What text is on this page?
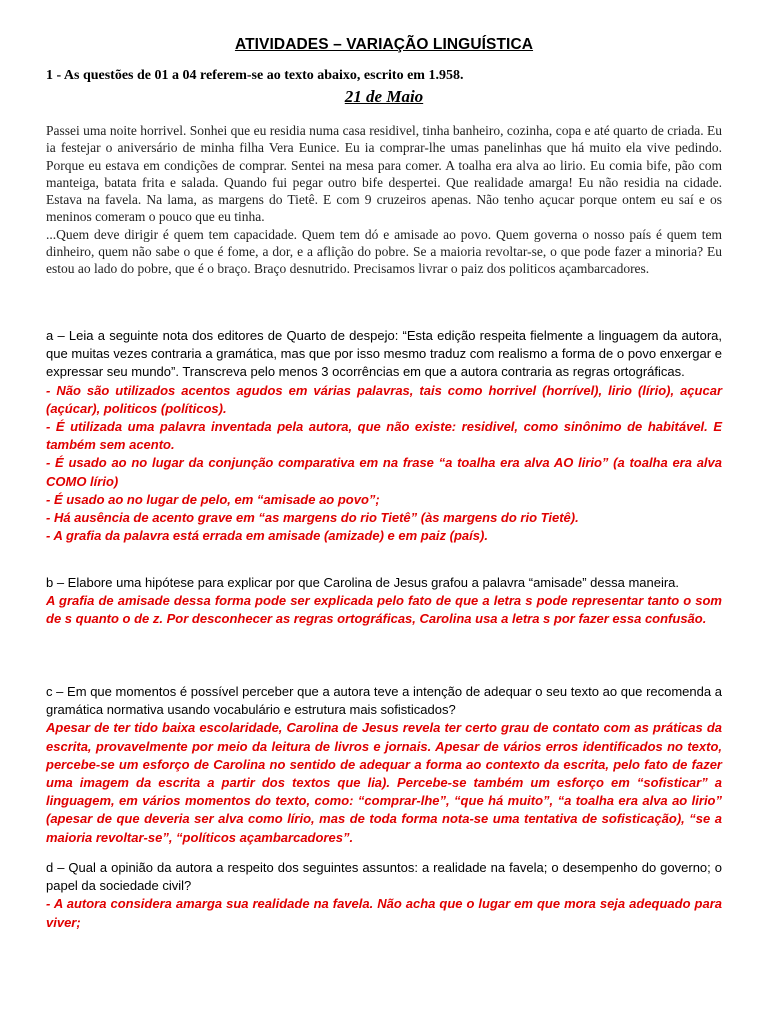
ATIVIDADES – VARIAÇÃO LINGUÍSTICA
1 - As questões de 01 a 04 referem-se ao texto abaixo, escrito em 1.958.
21 de Maio

Passei uma noite horrivel. Sonhei que eu residia numa casa residivel, tinha banheiro, cozinha, copa e até quarto de criada. Eu ia festejar o aniversário de minha filha Vera Eunice. Eu ia comprar-lhe umas panelinhas que há muito ela vive pedindo. Porque eu estava em condições de comprar. Sentei na mesa para comer. A toalha era alva ao lirio. Eu comia bife, pão com manteiga, batata frita e salada. Quando fui pegar outro bife despertei. Que realidade amarga! Eu não residia na cidade. Estava na favela. Na lama, as margens do Tietê. E com 9 cruzeiros apenas. Não tenho açucar porque ontem eu saí e os meninos comeram o pouco que eu tinha.

...Quem deve dirigir é quem tem capacidade. Quem tem dó e amisade ao povo. Quem governa o nosso país é quem tem dinheiro, quem não sabe o que é fome, a dor, e a aflição do pobre. Se a maioria revoltar-se, o que pode fazer a minoria? Eu estou ao lado do pobre, que é o braço. Braço desnutrido. Precisamos livrar o paiz dos politicos açambarcadores.

a – Leia a seguinte nota dos editores de Quarto de despejo: “Esta edição respeita fielmente a linguagem da autora, que muitas vezes contraria a gramática, mas que por isso mesmo traduz com realismo a forma de o povo enxergar e expressar seu mundo”. Transcreva pelo menos 3 ocorrências em que a autora contraria as regras ortográficas.

- Não são utilizados acentos agudos em várias palavras, tais como horrivel (horrível), lirio (lírio), açucar (açúcar), politicos (políticos).

- É utilizada uma palavra inventada pela autora, que não existe: residivel, como sinônimo de habitável. E também sem acento.

- É usado ao no lugar da conjunção comparativa em na frase “a toalha era alva AO lirio” (a toalha era alva COMO lírio)

- É usado ao no lugar de pelo, em “amisade ao povo”;

- Há ausência de acento grave em “as margens do rio Tietê” (às margens do rio Tietê).

- A grafia da palavra está errada em amisade (amizade) e em paiz (país).

b – Elabore uma hipótese para explicar por que Carolina de Jesus grafou a palavra “amisade” dessa maneira.

A grafia de amisade dessa forma pode ser explicada pelo fato de que a letra s pode representar tanto o som de s quanto o de z. Por desconhecer as regras ortográficas, Carolina usa a letra s por fazer essa confusão.

c – Em que momentos é possível perceber que a autora teve a intenção de adequar o seu texto ao que recomenda a gramática normativa usando vocabulário e estrutura mais sofisticados?

Apesar de ter tido baixa escolaridade, Carolina de Jesus revela ter certo grau de contato com as práticas da escrita, provavelmente por meio da leitura de livros e jornais. Apesar de vários erros identificados no texto, percebe-se um esforço de Carolina no sentido de adequar a forma ao contexto da escrita, pelo fato de fazer uma imagem da escrita a partir dos textos que lia). Percebe-se também um esforço em “sofisticar” a linguagem, em vários momentos do texto, como: “comprar-lhe”, “que há muito”, “a toalha era alva ao lirio” (apesar de que deveria ser alva como lírio, mas de toda forma nota-se uma tentativa de sofisticação), “se a maioria revoltar-se”, “políticos açambarcadores”.

d – Qual a opinião da autora a respeito dos seguintes assuntos: a realidade na favela; o desempenho do governo; o papel da sociedade civil?

- A autora considera amarga sua realidade na favela. Não acha que o lugar em que mora seja adequado para viver;
